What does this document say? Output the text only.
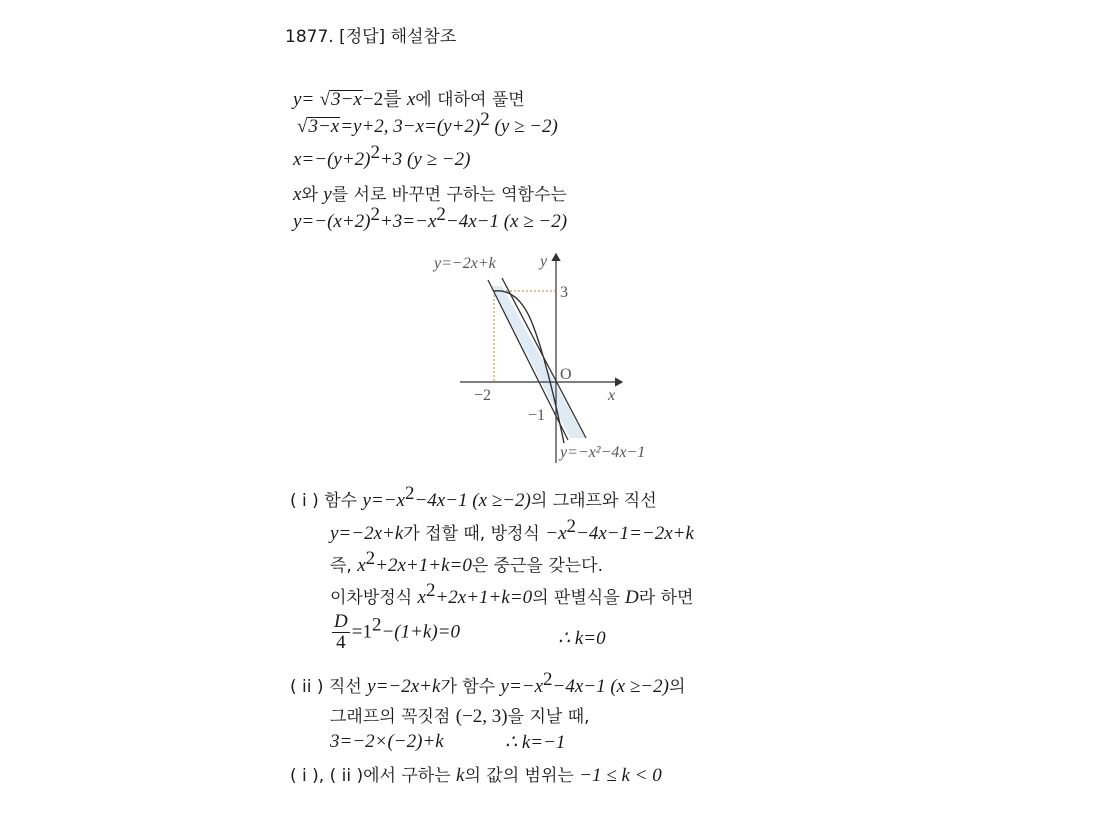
1877. [정답] 해설참조
y= √3−x−2를 x에 대하여 풀면
√3−x=y+2, $3-x=(y+2)^2$ (y ≥ −2)
$x=-(y+2)^2+3$ (y ≥ −2)
x와 y를 서로 바꾸면 구하는 역함수는
$y=-(x+2)^2+3=-x^2-4x-1$ (x ≥ −2)
y=−2x+k	y
3
O
−2	x
−1
y=−x²−4x−1
( i ) 함수 $y=-x^2-4x-1$ (x ≥−2)의 그래프와 직선
y=−2x+k가 접할 때, 방정식 $-x^2-4x-1=-2x+k$
즉, $x^2+2x+1+k=0$은 중근을 갖는다.
이차방정식 $x^2+2x+1+k=0$의 판별식을 D라 하면
$\frac{D}{4} =1^2-(1+k)=0$	∴ k=0
( ii ) 직선 y=−2x+k가 함수 $y=-x^2-4x-1$ (x ≥−2)의
그래프의 꼭짓점 (−2, 3)을 지날 때,
3=−2×(−2)+k	∴ k=−1
( i ), ( ii )에서 구하는 k의 값의 범위는 −1 ≤ k < 0
